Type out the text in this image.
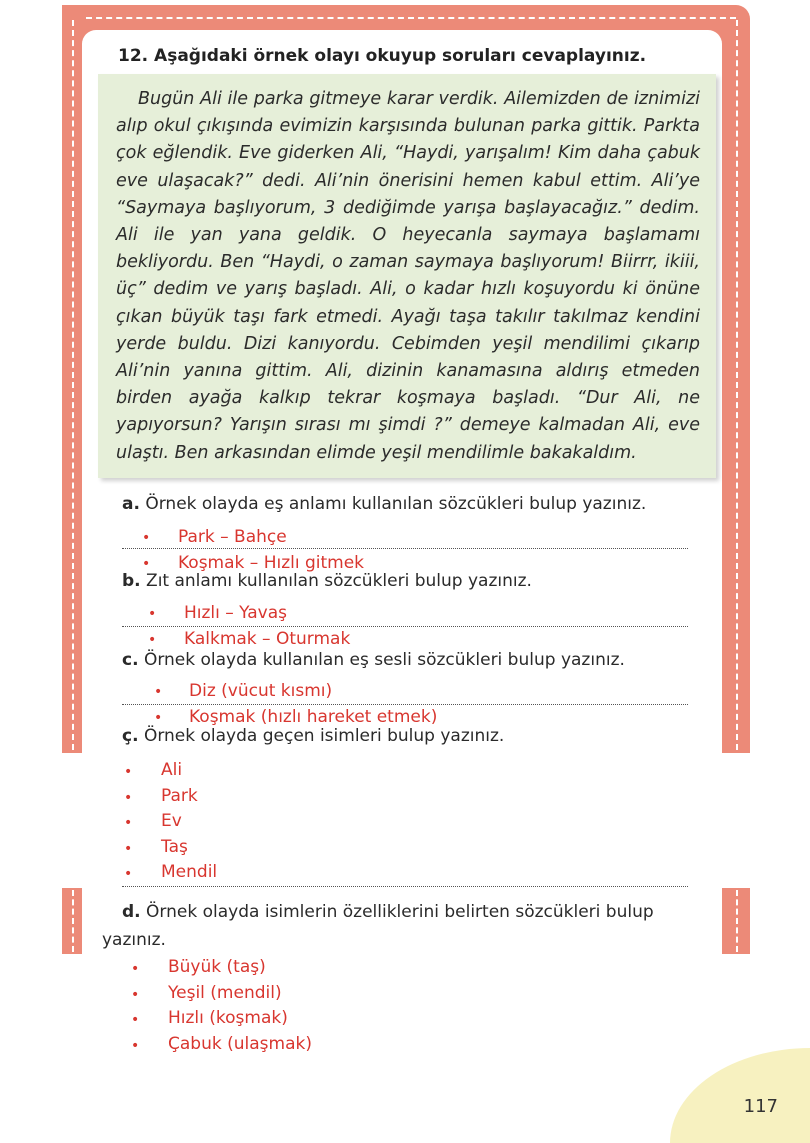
12. Aşağıdaki örnek olayı okuyup soruları cevaplayınız.
Bugün Ali ile parka gitmeye karar verdik. Ailemizden de iznimizi alıp okul çıkışında evimizin karşısında bulunan parka gittik. Parkta çok eğlendik. Eve giderken Ali, “Haydi, yarışalım! Kim daha çabuk eve ulaşacak?” dedi. Ali’nin önerisini hemen kabul ettim. Ali’ye “Saymaya başlıyorum, 3 dediğimde yarışa başlayacağız.” dedim. Ali ile yan yana geldik. O heyecanla saymaya başlamamı bekliyordu. Ben “Haydi, o zaman saymaya başlıyorum! Biirrr, ikiii, üç” dedim ve yarış başladı. Ali, o kadar hızlı koşuyordu ki önüne çıkan büyük taşı fark etmedi. Ayağı taşa takılır takılmaz kendini yerde buldu. Dizi kanıyordu. Cebimden yeşil mendilimi çıkarıp Ali’nin yanına gittim. Ali, dizinin kanamasına aldırış etmeden birden ayağa kalkıp tekrar koşmaya başladı. “Dur Ali, ne yapıyorsun? Yarışın sırası mı şimdi ?” demeye kalmadan Ali, eve ulaştı. Ben arkasından elimde yeşil mendilimle bakakaldım.
a. Örnek olayda eş anlamı kullanılan sözcükleri bulup yazınız.
• Park – Bahçe
• Koşmak – Hızlı gitmek
b. Zıt anlamı kullanılan sözcükleri bulup yazınız.
• Hızlı – Yavaş
• Kalkmak – Oturmak
c. Örnek olayda kullanılan eş sesli sözcükleri bulup yazınız.
• Diz (vücut kısmı)
• Koşmak (hızlı hareket etmek)
ç. Örnek olayda geçen isimleri bulup yazınız.
• Ali
• Park
• Ev
• Taş
• Mendil
d. Örnek olayda isimlerin özelliklerini belirten sözcükleri bulup
yazınız.
• Büyük (taş)
• Yeşil (mendil)
• Hızlı (koşmak)
• Çabuk (ulaşmak)
117
